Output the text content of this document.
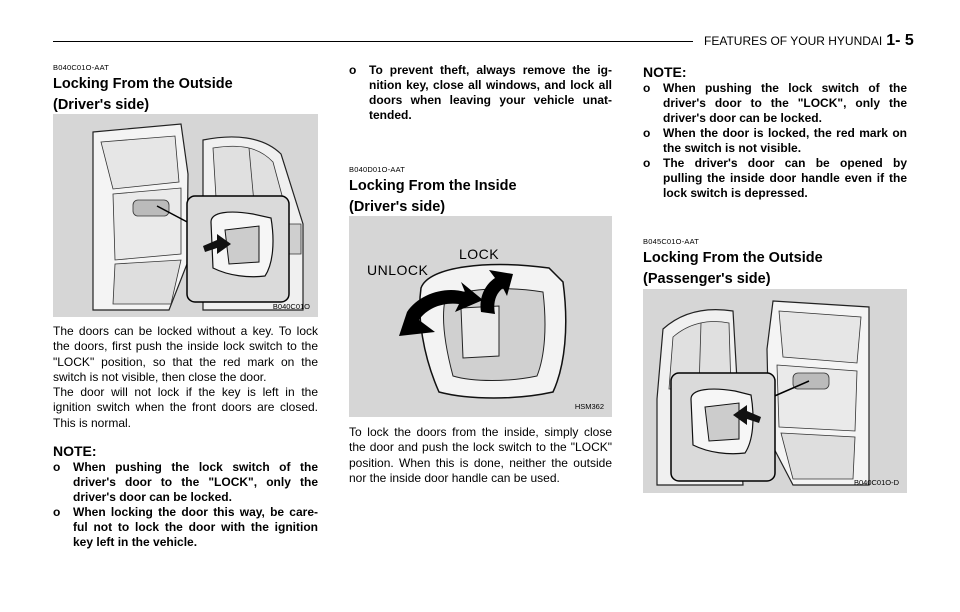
FEATURES OF YOUR HYUNDAI 1- 5
B040C01O-AAT
Locking From the Outside
(Driver's side)
B040C01O

The doors can be locked without a key. To lock the doors, first push the inside lock switch to the "LOCK" position, so that the red mark on the switch is not visible, then close the door.

The door will not lock if the key is left in the ignition switch when the front doors are closed. This is normal.

NOTE:
o When pushing the lock switch of the driver's door to the "LOCK", only the driver's door can be locked.
o When locking the door this way, be care-ful not to lock the door with the ignition key left in the vehicle.
o To prevent theft, always remove the ig-nition key, close all windows, and lock all doors when leaving your vehicle unat-tended.
B040D01O-AAT
Locking From the Inside
(Driver's side)
UNLOCK
LOCK
HSM362

To lock the doors from the inside, simply close the door and push the lock switch to the "LOCK" position. When this is done, neither the outside nor the inside door handle can be used.

NOTE:
o When pushing the lock switch of the driver's door to the "LOCK", only the driver's door can be locked.
o When the door is locked, the red mark on the switch is not visible.
o The driver's door can be opened by pulling the inside door handle even if the lock switch is depressed.
B045C01O-AAT
Locking From the Outside
(Passenger's side)
B040C01O-D
